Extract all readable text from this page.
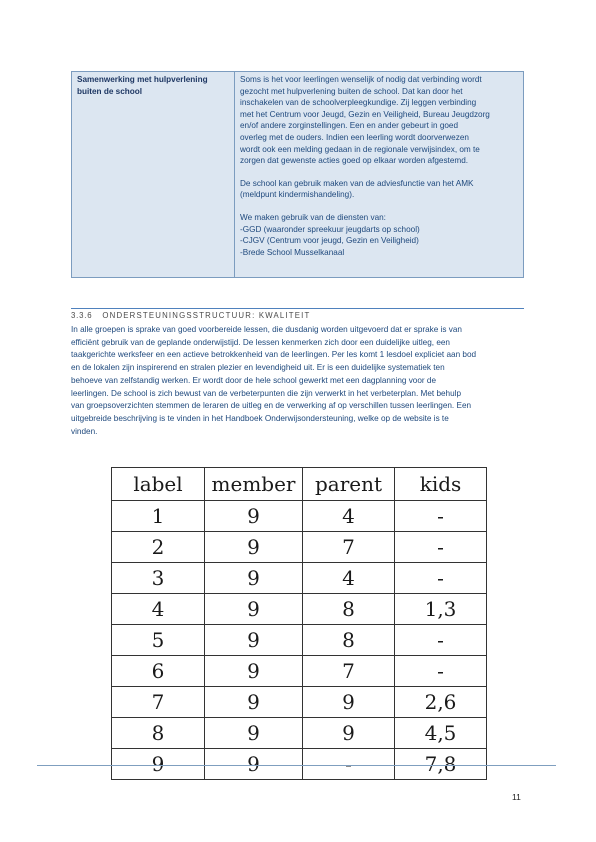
Samenwerking met hulpverlening buiten de school

Soms is het voor leerlingen wenselijk of nodig dat verbinding wordt

gezocht met hulpverlening buiten de school. Dat kan door het

inschakelen van de schoolverpleegkundige. Zij leggen verbinding

met het Centrum voor Jeugd, Gezin en Veiligheid, Bureau Jeugdzorg

en/of andere zorginstellingen. Een en ander gebeurt in goed

overleg met de ouders. Indien een leerling wordt doorverwezen

wordt ook een melding gedaan in de regionale verwijsindex, om te

zorgen dat gewenste acties goed op elkaar worden afgestemd.

De school kan gebruik maken van de adviesfunctie van het AMK

(meldpunt kindermishandeling).

We maken gebruik van de diensten van:

-GGD (waaronder spreekuur jeugdarts op school)

-CJGV (Centrum voor jeugd, Gezin en Veiligheid)

-Brede School Musselkanaal

3.3.6 ONDERSTEUNINGSSTRUCTUUR: KWALITEIT
In alle groepen is sprake van goed voorbereide lessen, die dusdanig worden uitgevoerd dat er sprake is van
efficiënt gebruik van de geplande onderwijstijd. De lessen kenmerken zich door een duidelijke uitleg, een
taakgerichte werksfeer en een actieve betrokkenheid van de leerlingen. Per les komt 1 lesdoel expliciet aan bod
en de lokalen zijn inspirerend en stralen plezier en levendigheid uit. Er is een duidelijke systematiek ten
behoeve van zelfstandig werken. Er wordt door de hele school gewerkt met een dagplanning voor de
leerlingen. De school is zich bewust van de verbeterpunten die zijn verwerkt in het verbeterplan. Met behulp
van groepsoverzichten stemmen de leraren de uitleg en de verwerking af op verschillen tussen leerlingen. Een
uitgebreide beschrijving is te vinden in het Handboek Onderwijsondersteuning, welke op de website is te
vinden.
label	member	parent	kids
1	9	4	-
2	9	7	-
3	9	4	-
4	9	8	1,3
5	9	8	-
6	9	7	-
7	9	9	2,6
8	9	9	4,5
9	9	-	7,8
11
